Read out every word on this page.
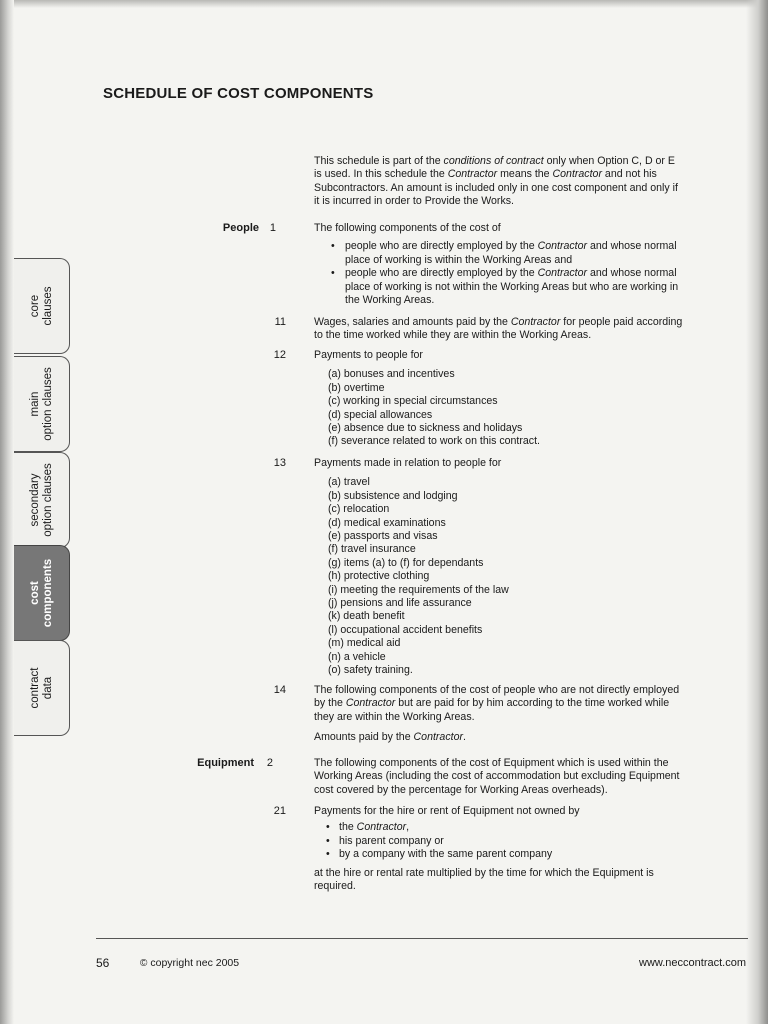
SCHEDULE OF COST COMPONENTS
This schedule is part of the conditions of contract only when Option C, D or E
is used. In this schedule the Contractor means the Contractor and not his
Subcontractors. An amount is included only in one cost component and only if
it is incurred in order to Provide the Works.
People 1	The following components of the cost of
• people who are directly employed by the Contractor and whose normal
place of working is within the Working Areas and
• people who are directly employed by the Contractor and whose normal
place of working is not within the Working Areas but who are working in
the Working Areas.
11	Wages, salaries and amounts paid by the Contractor for people paid according
to the time worked while they are within the Working Areas.
12	Payments to people for
(a) bonuses and incentives
(b) overtime
(c) working in special circumstances
(d) special allowances
(e) absence due to sickness and holidays
(f) severance related to work on this contract.
13	Payments made in relation to people for
(a) travel
(b) subsistence and lodging
(c) relocation
(d) medical examinations
(e) passports and visas
(f) travel insurance
(g) items (a) to (f) for dependants
(h) protective clothing
(i) meeting the requirements of the law
(j) pensions and life assurance
(k) death benefit
(l) occupational accident benefits
(m) medical aid
(n) a vehicle
(o) safety training.
14	The following components of the cost of people who are not directly employed
by the Contractor but are paid for by him according to the time worked while
they are within the Working Areas.
Amounts paid by the Contractor.
Equipment	2	The following components of the cost of Equipment which is used within the
Working Areas (including the cost of accommodation but excluding Equipment
cost covered by the percentage for Working Areas overheads).
21	Payments for the hire or rent of Equipment not owned by
• the Contractor,
• his parent company or
• by a company with the same parent company
at the hire or rental rate multiplied by the time for which the Equipment is
required.
core clauses
main option clauses
secondary option clauses
cost components
contract data
56	© copyright nec 2005	www.neccontract.com
